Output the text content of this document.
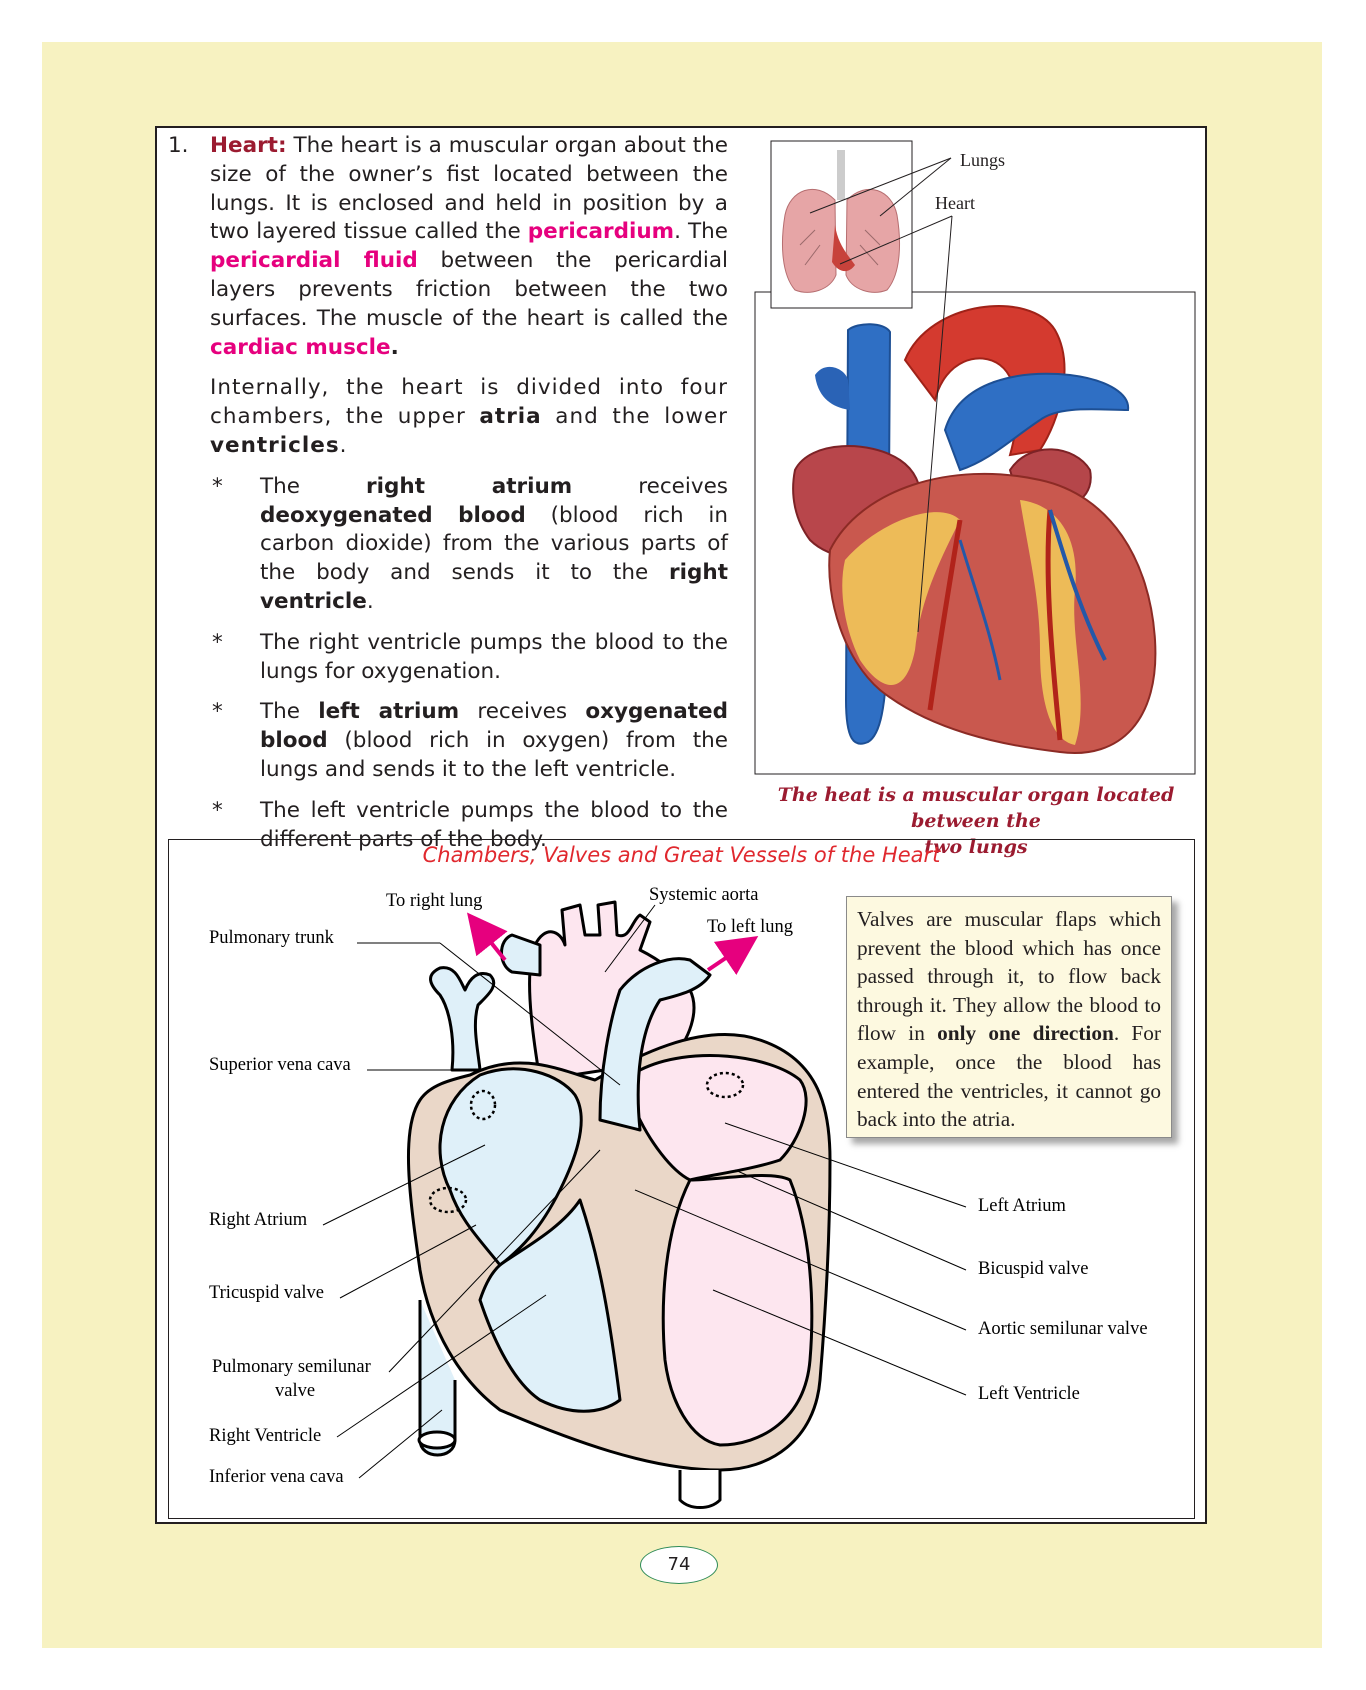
1. Heart: The heart is a muscular organ about the size of the owner’s fist located between the lungs. It is enclosed and held in position by a two layered tissue called the pericardium. The pericardial fluid between the pericardial layers prevents friction between the two surfaces. The muscle of the heart is called the cardiac muscle.
Internally, the heart is divided into four chambers, the upper atria and the lower ventricles.
* The right atrium receives deoxygenated blood (blood rich in carbon dioxide) from the various parts of the body and sends it to the right ventricle.
* The right ventricle pumps the blood to the lungs for oxygenation.
* The left atrium receives oxygenated blood (blood rich in oxygen) from the lungs and sends it to the left ventricle.
* The left ventricle pumps the blood to the different parts of the body.
Lungs
Heart
The heat is a muscular organ located between the
two lungs
Chambers, Valves and Great Vessels of the Heart
To right lung	Systemic aorta
To left lung
Pulmonary trunk
Superior vena cava
Right Atrium
Tricuspid valve
Pulmonary semilunar
valve
Right Ventricle
Inferior vena cava
Left Atrium
Bicuspid valve
Aortic semilunar valve
Left Ventricle
Valves are muscular flaps which prevent the blood which has once passed through it, to flow back through it. They allow the blood to flow in only one direction. For example, once the blood has entered the ventricles, it cannot go back into the atria.
74
